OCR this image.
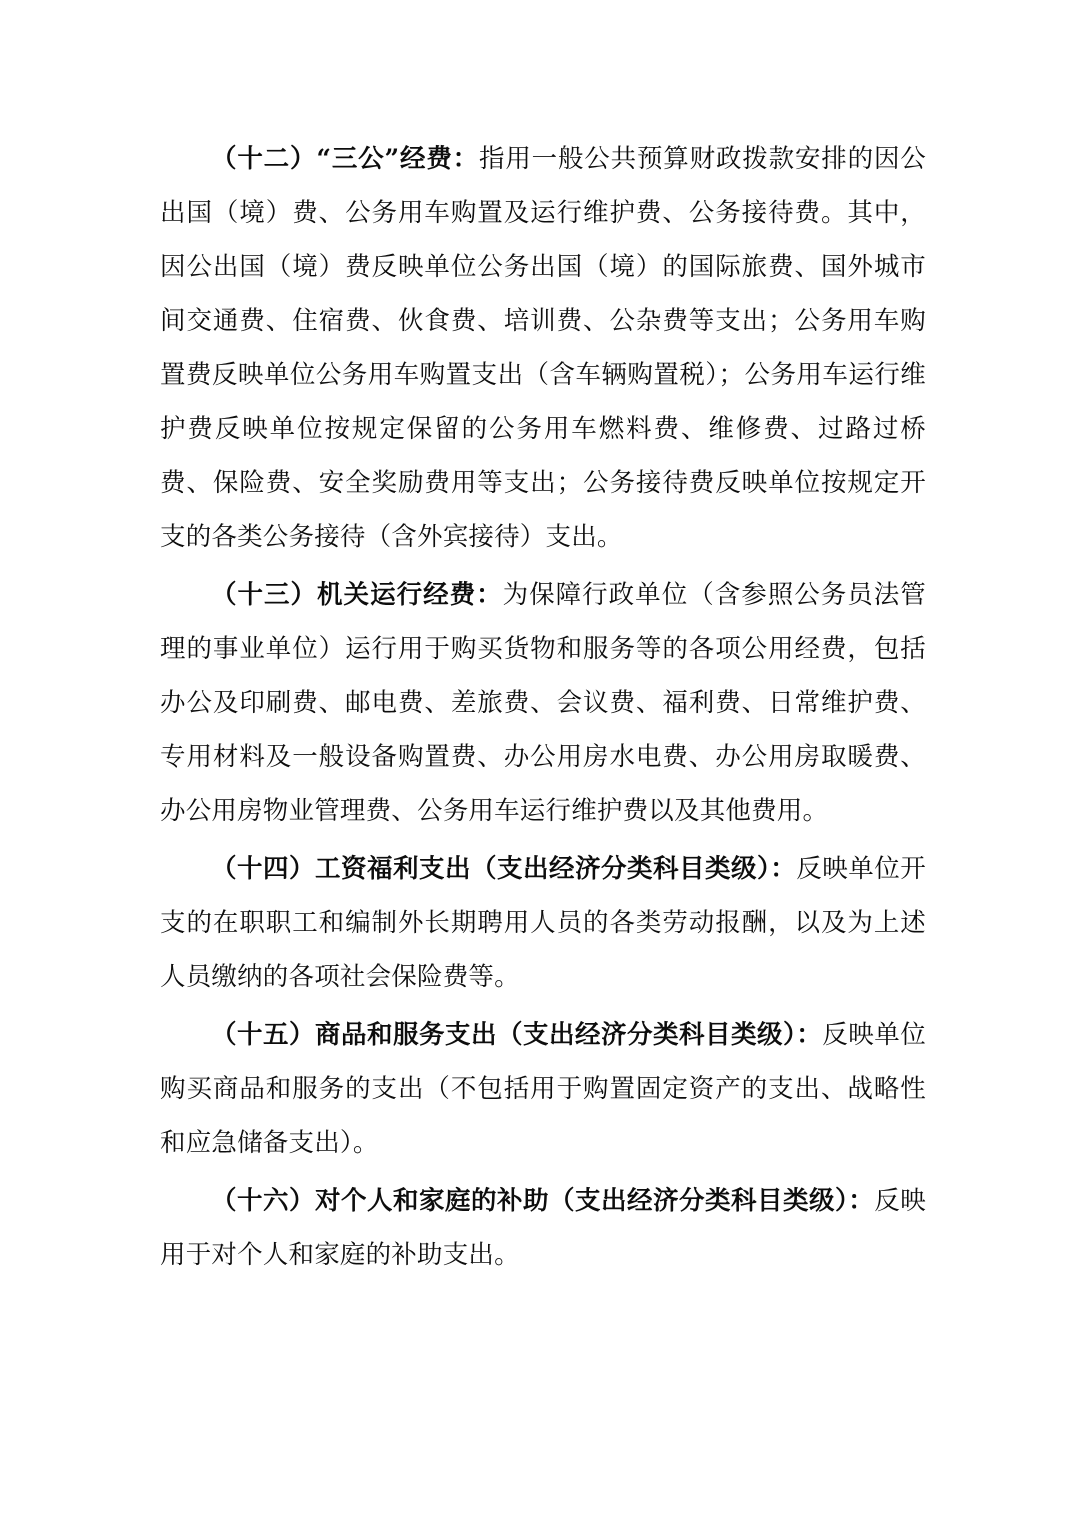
（十二）“三公”经费：指用一般公共预算财政拨款安排的因公出国（境）费、公务用车购置及运行维护费、公务接待费。其中，因公出国（境）费反映单位公务出国（境）的国际旅费、国外城市间交通费、住宿费、伙食费、培训费、公杂费等支出；公务用车购置费反映单位公务用车购置支出（含车辆购置税）；公务用车运行维护费反映单位按规定保留的公务用车燃料费、维修费、过路过桥费、保险费、安全奖励费用等支出；公务接待费反映单位按规定开支的各类公务接待（含外宾接待）支出。

（十三）机关运行经费：为保障行政单位（含参照公务员法管理的事业单位）运行用于购买货物和服务等的各项公用经费，包括办公及印刷费、邮电费、差旅费、会议费、福利费、日常维护费、专用材料及一般设备购置费、办公用房水电费、办公用房取暖费、办公用房物业管理费、公务用车运行维护费以及其他费用。

（十四）工资福利支出（支出经济分类科目类级）：反映单位开支的在职职工和编制外长期聘用人员的各类劳动报酬，以及为上述人员缴纳的各项社会保险费等。

（十五）商品和服务支出（支出经济分类科目类级）：反映单位购买商品和服务的支出（不包括用于购置固定资产的支出、战略性和应急储备支出）。

（十六）对个人和家庭的补助（支出经济分类科目类级）：反映用于对个人和家庭的补助支出。
